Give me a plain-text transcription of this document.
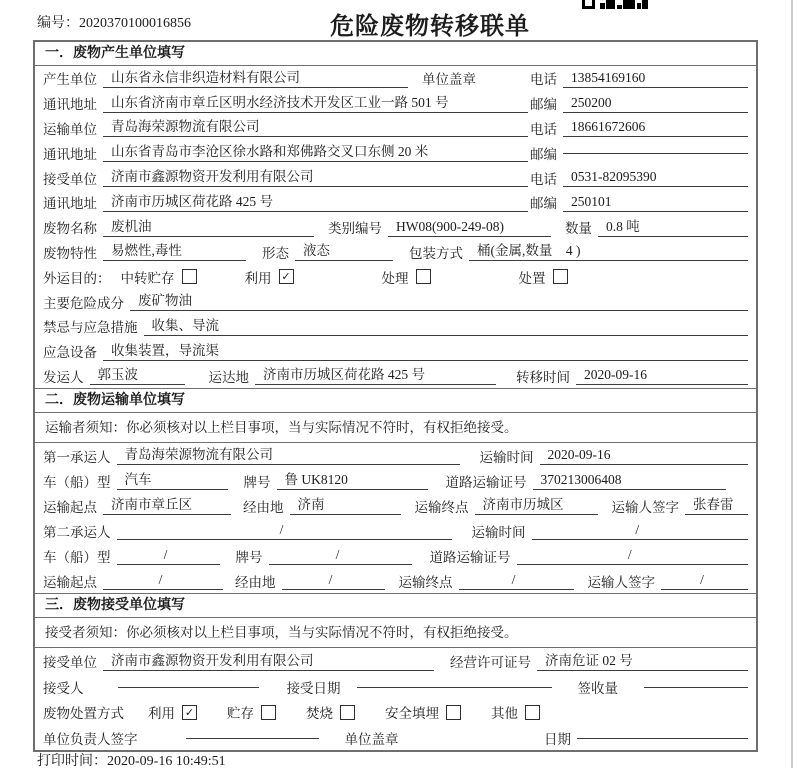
编号：2020370100016856	危险废物转移联单
一．废物产生单位填写
产生单位	山东省永信非织造材料有限公司	单位盖章	电话	13854169160
通讯地址	山东省济南市章丘区明水经济技术开发区工业一路 501 号	邮编	250200
运输单位	青岛海荣源物流有限公司	电话	18661672606
通讯地址	山东省青岛市李沧区徐水路和郑佛路交叉口东侧 20 米	邮编
接受单位	济南市鑫源物资开发利用有限公司	电话	0531-82095390
通讯地址	济南市历城区荷花路 425 号	邮编	250101
废物名称	废机油	类别编号	HW08(900-249-08)	数量	0.8 吨
废物特性	易燃性,毒性	形态	液态	包装方式	桶(金属,数量　4 )
外运目的： 中转贮存	利用 ✓	处理	处置
主要危险成分	废矿物油
禁忌与应急措施	收集、导流
应急设备	收集装置，导流渠
发运人	郭玉波	运达地	济南市历城区荷花路 425 号	转移时间	2020-09-16
二．废物运输单位填写
运输者须知：你必须核对以上栏目事项，当与实际情况不符时，有权拒绝接受。
第一承运人	青岛海荣源物流有限公司	运输时间	2020-09-16
车（船）型	汽车	牌号	鲁 UK8120	道路运输证号	370213006408
运输起点	济南市章丘区	经由地	济南	运输终点	济南市历城区	运输人签字	张春雷
第二承运人	/	运输时间	/
车（船）型	/	牌号	/	道路运输证号	/
运输起点	/	经由地	/	运输终点	/	运输人签字	/
三．废物接受单位填写
接受者须知：你必须核对以上栏目事项，当与实际情况不符时，有权拒绝接受。
接受单位	济南市鑫源物资开发利用有限公司	经营许可证号	济南危证 02 号
接受人	接受日期	签收量
废物处置方式	利用 ✓ 贮存	焚烧	安全填埋	其他
单位负责人签字	单位盖章	日期
打印时间：2020-09-16 10:49:51
